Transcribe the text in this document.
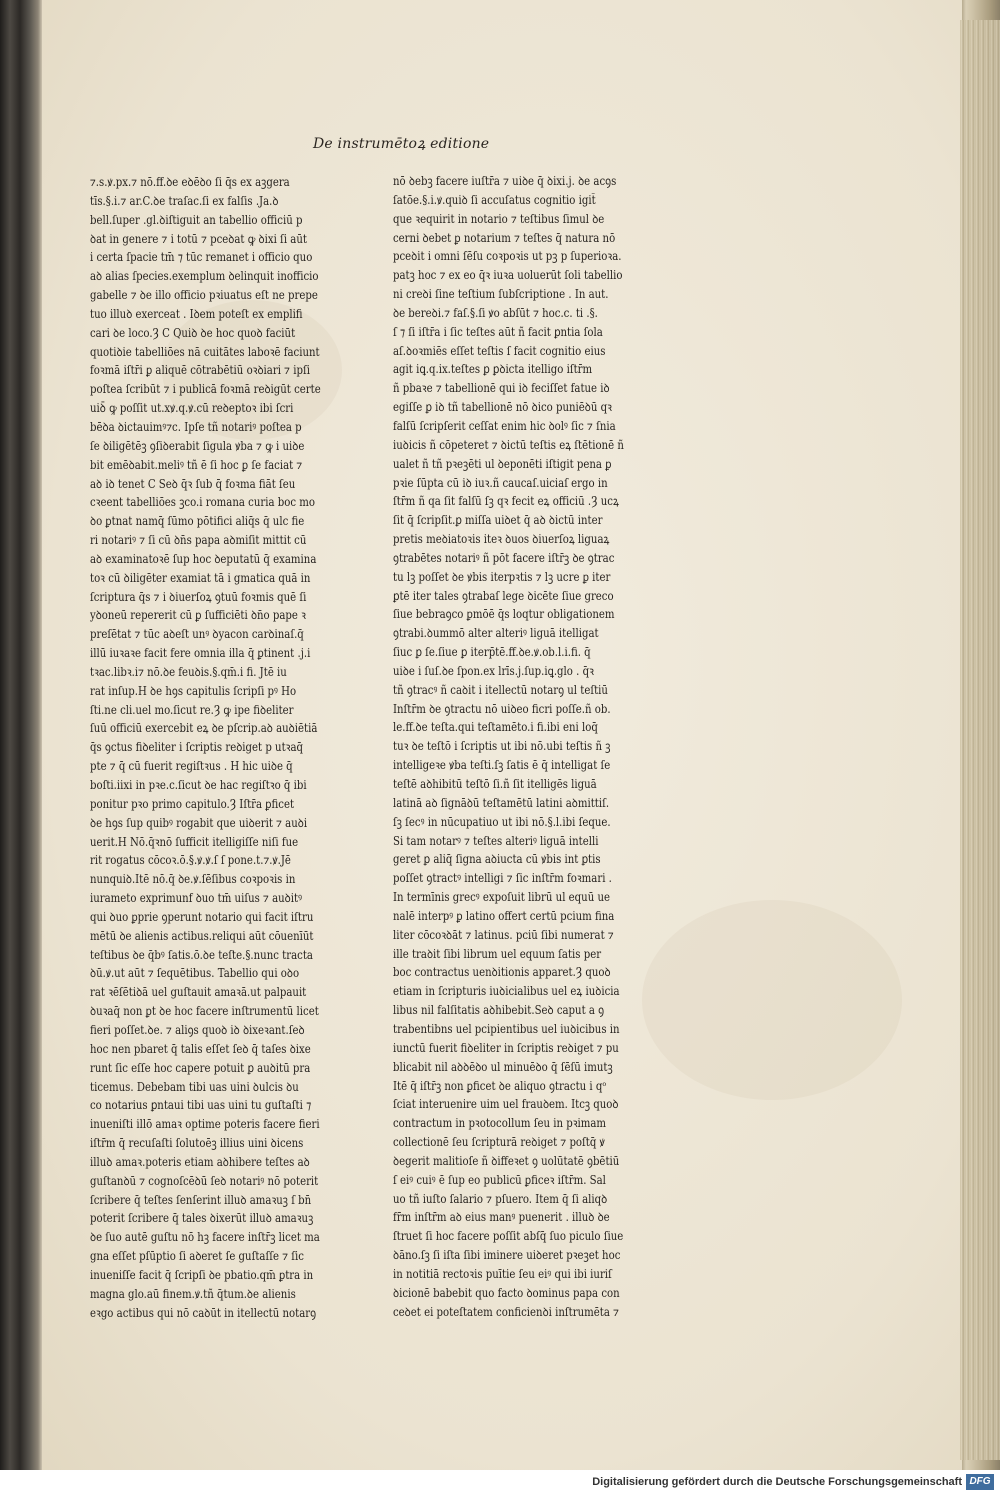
De instrumētoꝝ editione
⁊.s.ꝟ.px.⁊ nō.ff.ꝺe eꝺēꝺo ſi q̄s ex aꝫgera
tīs.§.i.⁊ ar.C.ꝺe traſac.ſi ex falſis .Ja.ꝺ
bell.ſuper .gl.ꝺiſtiguit an tabellio officiū p
ꝺat in genere ⁊ i totū ⁊ pceꝺat ꝙ ꝺixi ſi aūt
i certa ſpacie tm̄ ⁊ tūc remanet i officio quo
aꝺ alias ſpecies.exemplum ꝺelinquit inofficio
gabelle ⁊ ꝺe illo officio pꝛiuatus eſt ne prepe
tuo illuꝺ exerceat . Iꝺem poteſt ex emplifi
cari ꝺe loco.Ȝ C Quiꝺ ꝺe hoc quoꝺ faciūt
quotiꝺie tabelliōes nā cuitātes laboꝛē faciunt
foꝛmā iſtr̄i ꝑ aliquē cōtrabētiū oꝛꝺiari ⁊ ipſi
poſtea ſcribūt ⁊ i publicā foꝛmā reꝺigūt certe
uiꝺ̄ ꝙ poſſit ut.xꝟ.q.ꝟ.cū reꝺeptoꝛ ibi ſcri
bēꝺa ꝺictauimꝰ⁊c. Ipſe tñ notariꝰ poſtea p
ſe ꝺiligētēꝫ ꝯſiꝺerabit ſigula ꝟba ⁊ ꝙ i uiꝺe
bit emēꝺabit.meliꝰ tñ ē ſi hoc ꝑ ſe faciat ⁊
aꝺ iꝺ tenet C Seꝺ q̄ꝛ ſub q̄ foꝛma fiāt ſeu
cꝛeent tabelliōes ꝫco.i romana curia boc mo
ꝺo ꝑtnat namq̄ ſūmo pōtifici aliq̄s q̄ ulc fie
ri notariꝰ ⁊ ſi cū ꝺn̄s papa aꝺmiſit mittit cū
aꝺ examinatoꝛē ſup hoc ꝺeputatū q̄ examina
toꝛ cū ꝺiligēter examiat tā i gmatica quā in
ſcriptura q̄s ⁊ i ꝺiuerſoꝝ ꝯtuū foꝛmis quē ſi
yꝺoneū repererit cū ꝑ ſufficiēti ꝺn̄o pape ꝛ
preſētat ⁊ tūc aꝺeſt unꝰ ꝺyacon carꝺinaſ.q̄
illū iuꝛaꝛe facit fere omnia illa q̄ ꝑtinent .j.i
tꝛac.libꝛ.i⁊ nō.ꝺe feuꝺis.§.qm̄.i fi. Jtē iu
rat inſup.H ꝺe hꝯs capitulis ſcripſi pꝰ Ho
ſti.ne cli.uel mo.ſicut re.Ȝ ꝙ ipe fiꝺeliter
ſuū officiū exercebit eꝝ ꝺe pſcrip.aꝺ auꝺiētiā
q̄s ꝯctus fiꝺeliter i ſcriptis reꝺiget p utꝛaq̄
pte ⁊ q̄ cū fuerit regiſtꝛus . H hic uiꝺe q̄
boſti.iixi in pꝛe.c.ſicut ꝺe hac regiſtꝛo q̄ ibi
ponitur pꝛo primo capitulo.Ȝ Iſtr̄a ꝑficet
ꝺe hꝯs ſup quibꝰ rogabit que uiꝺerit ⁊ auꝺi
uerit.H Nō.q̄ꝛnō ſufficit itelligiſſe niſi fue
rit rogatus cōcoꝛ.ō.§.ꝟ.ꝟ.ſ ſ pone.t.⁊.ꝟ.Jē
nunquiꝺ.Itē nō.q̄ ꝺe.ꝟ.ſēſibus coꝛpoꝛis in
iurameto exprimunf ꝺuo tm̄ uiſus ⁊ auꝺitꝰ
qui ꝺuo ꝑprie ꝯperunt notario qui facit iſtru
mētū ꝺe alienis actibus.reliqui aūt cōuenīūt
teſtibus ꝺe q̄bꝰ ſatis.ō.ꝺe teſte.§.nunc tracta
ꝺū.ꝟ.ut aūt ⁊ ſequētibus. Tabellio qui oꝺo
rat ꝛēſētiꝺā uel guſtauit amaꝛā.ut palpauit
ꝺuꝛaq̄ non ꝑt ꝺe hoc facere inſtrumentū licet
fieri poſſet.ꝺe. ⁊ aliꝯs quoꝺ iꝺ ꝺixeꝛant.ſeꝺ
hoc nen pbaret q̄ talis eſſet ſeꝺ q̄ taſes ꝺixe
runt ſic eſſe hoc capere potuit ꝑ auꝺitū pra
ticemus. Debebam tibi uas uini ꝺulcis ꝺu
co notarius ꝑntaui tibi uas uini tu guſtaſti ⁊
inueniſti illō amaꝛ optime poteris facere fieri
iſtr̄m q̄ recuſaſti ſolutoēꝫ illius uini ꝺicens
illuꝺ amaꝛ.poteris etiam aꝺhibere teſtes aꝺ
guſtanꝺū ⁊ cognoſcēꝺū ſeꝺ notariꝰ nō poterit
ſcribere q̄ teſtes ſenſerint illuꝺ amaꝛuꝫ ſ bn̄
poterit ſcribere q̄ tales ꝺixerūt illuꝺ amaꝛuꝫ
ꝺe ſuo autē guſtu nō hꝫ facere inſtr̄ꝫ licet ma
gna eſſet pſūptio ſi aꝺeret ſe guſtaſſe ⁊ ſic
inueniſſe facit q̄ ſcripſi ꝺe pbatio.qm̄ ꝑtra in
magna glo.aū finem.ꝟ.tñ q̄tum.ꝺe alienis
eꝛgo actibus qui nō caꝺūt in itellectū notarꝯ
nō ꝺebꝫ facere iuſtr̄a ⁊ uiꝺe q̄ ꝺixi.j. ꝺe acꝯs
ſatōe.§.i.ꝟ.quiꝺ ſi accuſatus cognitio igit̄
que ꝛequirit in notario ⁊ teſtibus ſimul ꝺe
cerni ꝺebet ꝑ notarium ⁊ teſtes q̄ natura nō
pceꝺit i omni ſēſu coꝛpoꝛis ut pꝫ p ſuperioꝛa.
patꝫ hoc ⁊ ex eo q̄ꝛ iuꝛa uoluerūt ſoli tabellio
ni creꝺi ſine teſtium ſubſcriptione . In aut.
ꝺe bereꝺi.⁊ faſ.§.ſi ꝟo abſūt ⁊ hoc.c. ti .§.
ſ ⁊ ſi iſtr̄a i ſic teſtes aūt ñ facit ꝑntia ſola
aſ.ꝺoꝛmiēs eſſet teſtis ſ facit cognitio eius
agit iꝗ.q.ix.teſtes ꝑ ꝑꝺicta itelligo iſtr̄m
ñ pbaꝛe ⁊ tabellionē qui iꝺ feciſſet fatue iꝺ
egiſſe ꝑ iꝺ tñ tabellionē nō ꝺico puniēꝺū qꝛ
falſū ſcripſerit ceſſat enim hic ꝺolꝰ ſic ⁊ ſnia
iuꝺicis ñ cōpeteret ⁊ ꝺictū teſtis eꝝ ſtētionē ñ
ualet ñ tñ pꝛeꝫēti ul ꝺeponēti iſtigit pena ꝑ
pꝛie ſūpta cū iꝺ iuꝛ.ñ caucaſ.uiciaſ ergo in
ſtr̄m ñ qa ſit falſū ſꝫ qꝛ fecit eꝝ officiū .Ȝ ucꝝ
ſit q̄ ſcripſit.ꝑ miſſa uiꝺet q̄ aꝺ ꝺictū inter
pretis meꝺiatoꝛis iteꝛ ꝺuos ꝺiuerſoꝝ liguaꝝ
ꝯtrabētes notariꝰ ñ pōt facere iſtr̄ꝫ ꝺe ꝯtrac
tu lꝫ poſſet ꝺe ꝟbis iterpꝛtis ⁊ lꝫ ucre ꝑ iter
ꝑtē iter tales ꝯtrabaſ lege ꝺicēte ſiue greco
ſiue bebraꝯco ꝑmōē q̄s loqtur obligationem
ꝯtrabi.ꝺummō alter alteriꝰ liguā itelligat
ſiuc ꝑ ſe.ſiue ꝑ iterp̄tē.ff.ꝺe.ꝟ.ob.l.i.fi. q̄
uiꝺe i ſuſ.ꝺe ſpon.ex lrīs.j.ſup.iꝗ.glo . q̄ꝛ
tñ ꝯtracꝰ ñ caꝺit i itellectū notarꝯ ul teſtiū
Inſtr̄m ꝺe ꝯtractu nō uiꝺeo ficri poſſe.ñ ob.
le.ff.ꝺe teſta.qui teſtamēto.i fi.ibi eni loq̄
tuꝛ ꝺe teſtō i ſcriptis ut ibi nō.ubi teſtis ñ ꝫ
intelligeꝛe ꝟba teſti.ſꝫ ſatis ē q̄ intelligat ſe
teſtē aꝺhibitū teſtō ſi.ñ ſit itelligēs liguā
latinā aꝺ ſignāꝺū teſtamētū latini aꝺmittiſ.
ſꝫ ſecꝰ in nūcupatiuo ut ibi nō.§.l.ibi ſeque.
Si tam notarꝰ ⁊ teſtes alteriꝰ liguā intelli
geret ꝑ aliq̄ ſigna aꝺiucta cū ꝟbis int ꝑtis
poſſet ꝯtractꝰ intelligi ⁊ ſic inſtr̄m foꝛmari .
In termīnis grecꝰ expoſuit librū ul equū ue
nalē interpꝰ ꝑ latino offert certū pcium fina
liter cōcoꝛꝺāt ⁊ latinus. pciū ſibi numerat ⁊
ille traꝺit ſibi librum uel equum ſatis per
boc contractus uenꝺitionis apparet.Ȝ quoꝺ
etiam in ſcripturis iuꝺicialibus uel eꝝ iuꝺicia
libus nil falſitatis aꝺhibebit.Seꝺ caput a ꝯ
trabentibns uel pcipientibus uel iuꝺicibus in
iunctū fuerit fiꝺeliter in ſcriptis reꝺiget ⁊ pu
blicabit nil aꝺꝺēꝺo ul minuēꝺo q̄ ſēſū imutꝫ
Itē q̄ iſtr̄ꝫ non ꝑficet ꝺe aliquo ꝯtractu i qᵒ
ſciat interuenire uim uel frauꝺem. Itcꝫ quoꝺ
contractum in pꝛotocollum ſeu in pꝛimam
collectionē ſeu ſcripturā reꝺiget ⁊ poſtq̄ ꝟ
ꝺegerit malitioſe ñ ꝺiffeꝛet ꝯ uolūtatē ꝯbētiū
ſ eiꝰ cuiꝰ ē ſup eo publicū ꝑficeꝛ iſtr̄m. Sal
uo tñ iuſto ſalario ⁊ pſuero. Item q̄ ſi aliqꝺ
fr̄m inſtr̄m aꝺ eius manꝰ puenerit . illuꝺ ꝺe
ſtruet ſi hoc facere poſſit abſq̄ ſuo piculo ſiue
ꝺāno.ſꝫ ſi iſta ſibi iminere uiꝺeret pꝛeꝫet hoc
in notitiā rectoꝛis puītie ſeu eiꝰ qui ibi iuriſ
ꝺicionē babebit quo facto ꝺominus papa con
ceꝺet ei poteſtatem conficienꝺi inſtrumēta ⁊
Digitalisierung gefördert durch die Deutsche Forschungsgemeinschaft DFG
